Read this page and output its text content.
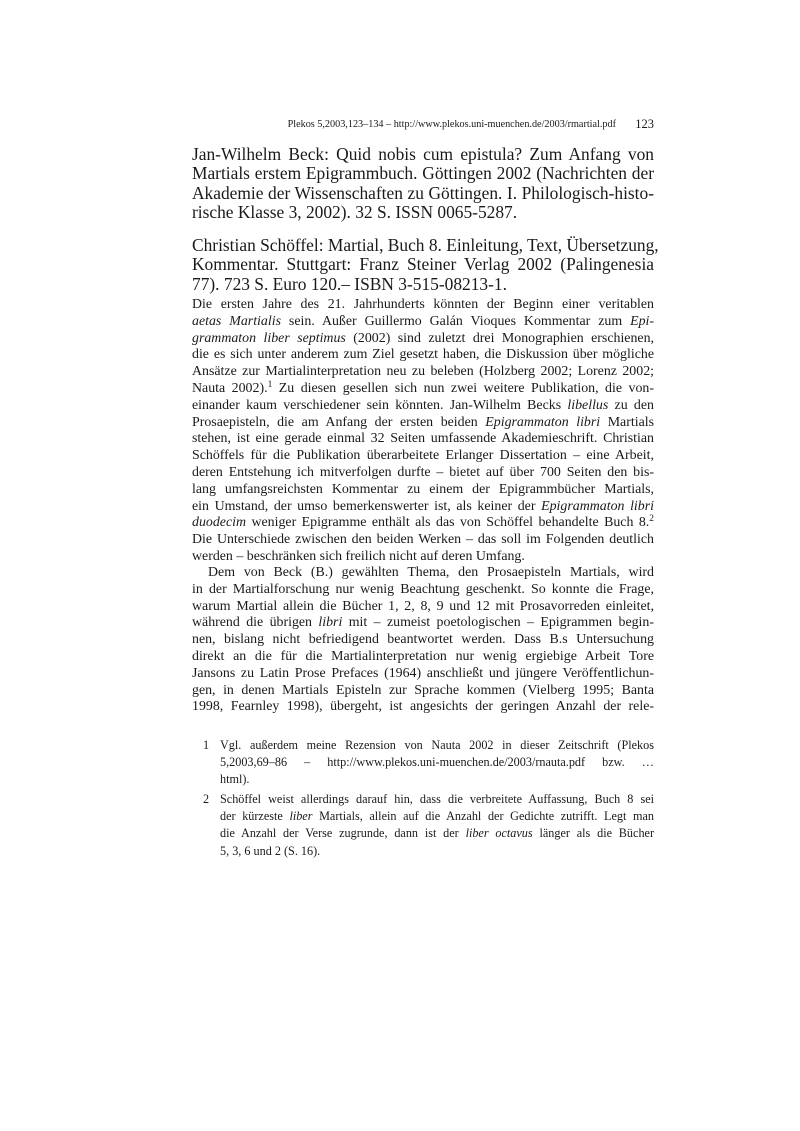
Plekos 5,2003,123–134 – http://www.plekos.uni-muenchen.de/2003/rmartial.pdf 123
Jan-Wilhelm Beck: Quid nobis cum epistula? Zum Anfang von
Martials erstem Epigrammbuch. Göttingen 2002 (Nachrichten der
Akademie der Wissenschaften zu Göttingen. I. Philologisch-histo-
rische Klasse 3, 2002). 32 S. ISSN 0065-5287.
Christian Schöffel: Martial, Buch 8. Einleitung, Text, Übersetzung,
Kommentar. Stuttgart: Franz Steiner Verlag 2002 (Palingenesia
77). 723 S. Euro 120.– ISBN 3-515-08213-1.
Die ersten Jahre des 21. Jahrhunderts könnten der Beginn einer veritablen
aetas Martialis sein. Außer Guillermo Galán Vioques Kommentar zum Epi-
grammaton liber septimus (2002) sind zuletzt drei Monographien erschienen,
die es sich unter anderem zum Ziel gesetzt haben, die Diskussion über mögliche
Ansätze zur Martialinterpretation neu zu beleben (Holzberg 2002; Lorenz 2002;
Nauta 2002).$^1$ Zu diesen gesellen sich nun zwei weitere Publikation, die von-
einander kaum verschiedener sein könnten. Jan-Wilhelm Becks libellus zu den
Prosaepisteln, die am Anfang der ersten beiden Epigrammaton libri Martials
stehen, ist eine gerade einmal 32 Seiten umfassende Akademieschrift. Christian
Schöffels für die Publikation überarbeitete Erlanger Dissertation – eine Arbeit,
deren Entstehung ich mitverfolgen durfte – bietet auf über 700 Seiten den bis-
lang umfangsreichsten Kommentar zu einem der Epigrammbücher Martials,
ein Umstand, der umso bemerkenswerter ist, als keiner der Epigrammaton libri
duodecim weniger Epigramme enthält als das von Schöffel behandelte Buch 8.$^2$
Die Unterschiede zwischen den beiden Werken – das soll im Folgenden deutlich
werden – beschränken sich freilich nicht auf deren Umfang.
Dem von Beck (B.) gewählten Thema, den Prosaepisteln Martials, wird
in der Martialforschung nur wenig Beachtung geschenkt. So konnte die Frage,
warum Martial allein die Bücher 1, 2, 8, 9 und 12 mit Prosavorreden einleitet,
während die übrigen libri mit – zumeist poetologischen – Epigrammen begin-
nen, bislang nicht befriedigend beantwortet werden. Dass B.s Untersuchung
direkt an die für die Martialinterpretation nur wenig ergiebige Arbeit Tore
Jansons zu Latin Prose Prefaces (1964) anschließt und jüngere Veröffentlichun-
gen, in denen Martials Episteln zur Sprache kommen (Vielberg 1995; Banta
1998, Fearnley 1998), übergeht, ist angesichts der geringen Anzahl der rele-
1 Vgl. außerdem meine Rezension von Nauta 2002 in dieser Zeitschrift (Plekos
5,2003,69–86 – http://www.plekos.uni-muenchen.de/2003/rnauta.pdf bzw. …
html).
2 Schöffel weist allerdings darauf hin, dass die verbreitete Auffassung, Buch 8 sei
der kürzeste liber Martials, allein auf die Anzahl der Gedichte zutrifft. Legt man
die Anzahl der Verse zugrunde, dann ist der liber octavus länger als die Bücher
5, 3, 6 und 2 (S. 16).
